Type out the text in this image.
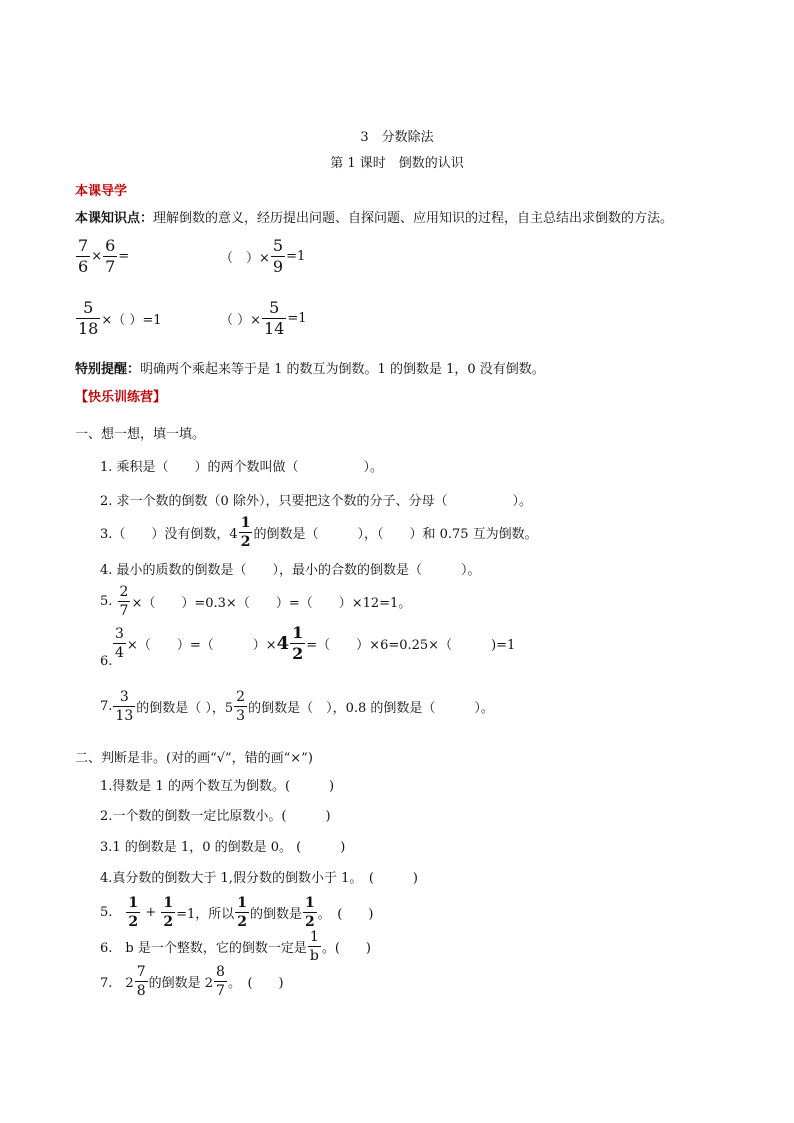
3　分数除法
第 1 课时　倒数的认识
本课导学
本课知识点：理解倒数的意义，经历提出问题、自探问题、应用知识的过程，自主总结出求倒数的方法。
$\frac{7}{6} \times \frac{6}{7}$ =	（　）× $\frac{5}{9} =1$
$\frac{5}{18}$ ×（ ）=1	（ ）× $\frac{5}{14} =1$
特别提醒：明确两个乘起来等于是 1 的数互为倒数。1 的倒数是 1，0 没有倒数。
【快乐训练营】
一、想一想，填一填。
1. 乘积是（　　）的两个数叫做（　　　　　）。
2. 求一个数的倒数（0 除外），只要把这个数的分子、分母（　　　　　）。
3.（　　）没有倒数，$4 \frac{1}{2}$ 的倒数是（　　　），（　　）和 0.75 互为倒数。
4. 最小的质数的倒数是（　　），最小的合数的倒数是（　　　）。
5. $\frac{2}{7}$ ×（　　）=0.3×（　　）=（　　）×12=1。
$\frac{3}{4}$ ×（　　）=（　　　）$\times 4 \frac{1}{2}$ =（　　）×6=0.25×（　　　)=1
6.
7. $\frac{3}{13}$ 的倒数是（ ），$5 \frac{2}{3}$ 的倒数是（　），0.8 的倒数是（　　　）。
二、判断是非。(对的画“√”，错的画“×”)
1.得数是 1 的两个数互为倒数。(　　　)
2.一个数的倒数一定比原数小。(　　　)
3.1 的倒数是 1，0 的倒数是 0。 (　　　)
4.真分数的倒数大于 1,假分数的倒数小于 1。　(　　　)
5.　 $\frac{1}{2} + \frac{1}{2} =1$，所以 $\frac{1}{2}$ 的倒数是 $\frac{1}{2}$ 。　(　　)
6.　b 是一个整数，它的倒数一定是 $\frac{1}{b}$ 。(　　)
7.　$2 \frac{7}{8}$ 的倒数是 $2 \frac{8}{7}$ 。　(　　)
